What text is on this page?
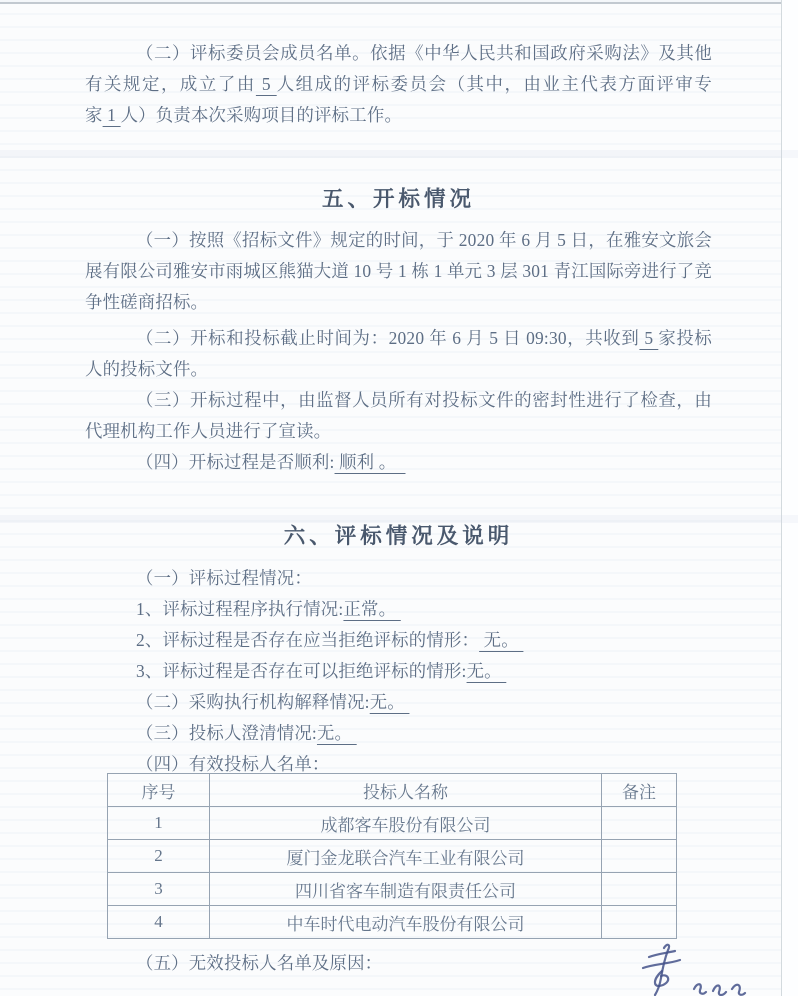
（二）评标委员会成员名单。依据《中华人民共和国政府采购法》及其他有关规定，成立了由 5 人组成的评标委员会（其中，由业主代表方面评审专家 1 人）负责本次采购项目的评标工作。

五、开标情况

（一）按照《招标文件》规定的时间，于 2020 年 6 月 5 日，在雅安文旅会展有限公司雅安市雨城区熊猫大道 10 号 1 栋 1 单元 3 层 301 青江国际旁进行了竞争性磋商招标。

（二）开标和投标截止时间为：2020 年 6 月 5 日 09:30，共收到 5 家投标人的投标文件。

（三）开标过程中，由监督人员所有对投标文件的密封性进行了检查，由代理机构工作人员进行了宣读。

（四）开标过程是否顺利: 顺利 。

六、评标情况及说明

（一）评标过程情况：

1、评标过程程序执行情况:正常。

2、评标过程是否存在应当拒绝评标的情形： 无。

3、评标过程是否存在可以拒绝评标的情形:无。

（二）采购执行机构解释情况:无。

（三）投标人澄清情况:无。

（四）有效投标人名单：

序号	投标人名称	备注
1	成都客车股份有限公司	
2	厦门金龙联合汽车工业有限公司	
3	四川省客车制造有限责任公司	
4	中车时代电动汽车股份有限公司	

（五）无效投标人名单及原因：
